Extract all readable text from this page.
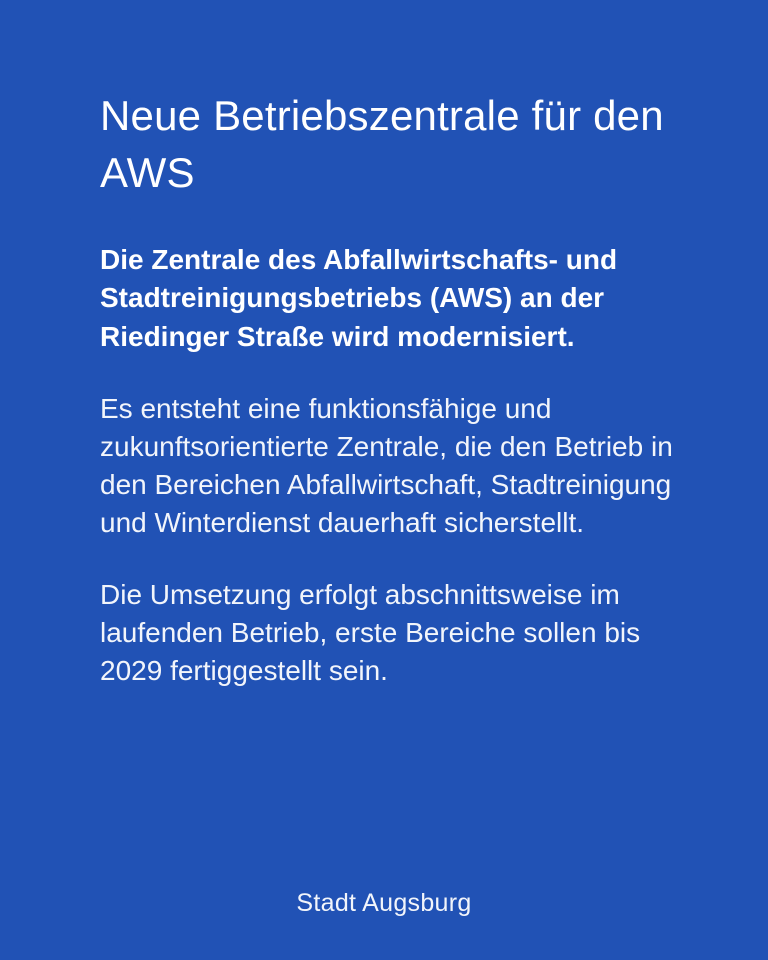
Neue Betriebszentrale für den AWS

Die Zentrale des Abfallwirtschafts- und Stadtreinigungsbetriebs (AWS) an der Riedinger Straße wird modernisiert.

Es entsteht eine funktionsfähige und zukunftsorientierte Zentrale, die den Betrieb in den Bereichen Abfallwirtschaft, Stadtreinigung und Winterdienst dauerhaft sicherstellt.

Die Umsetzung erfolgt abschnittsweise im laufenden Betrieb, erste Bereiche sollen bis 2029 fertiggestellt sein.

Stadt Augsburg
